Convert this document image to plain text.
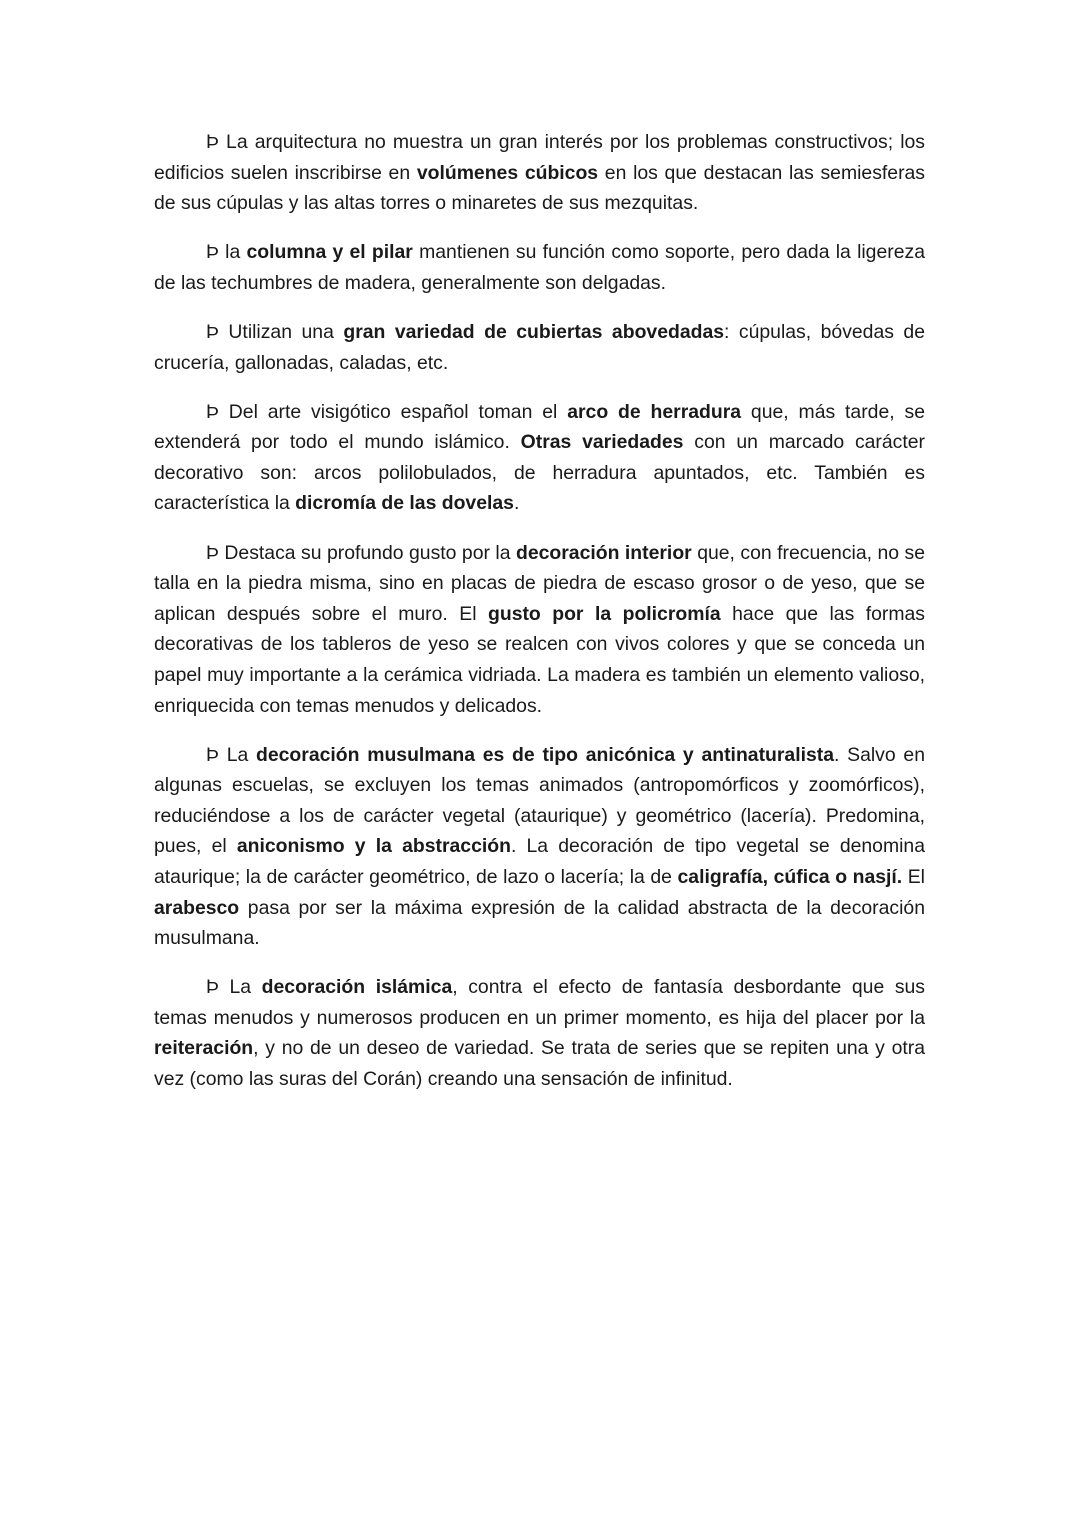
Þ La arquitectura no muestra un gran interés por los problemas constructivos; los edificios suelen inscribirse en volúmenes cúbicos en los que destacan las semiesferas de sus cúpulas y las altas torres o minaretes de sus mezquitas.

Þ la columna y el pilar mantienen su función como soporte, pero dada la ligereza de las techumbres de madera, generalmente son delgadas.

Þ Utilizan una gran variedad de cubiertas abovedadas: cúpulas, bóvedas de crucería, gallonadas, caladas, etc.

Þ Del arte visigótico español toman el arco de herradura que, más tarde, se extenderá por todo el mundo islámico. Otras variedades con un marcado carácter decorativo son: arcos polilobulados, de herradura apuntados, etc. También es característica la dicromía de las dovelas.

Þ Destaca su profundo gusto por la decoración interior que, con frecuencia, no se talla en la piedra misma, sino en placas de piedra de escaso grosor o de yeso, que se aplican después sobre el muro. El gusto por la policromía hace que las formas decorativas de los tableros de yeso se realcen con vivos colores y que se conceda un papel muy importante a la cerámica vidriada. La madera es también un elemento valioso, enriquecida con temas menudos y delicados.

Þ La decoración musulmana es de tipo anicónica y antinaturalista. Salvo en algunas escuelas, se excluyen los temas animados (antropomórficos y zoomórficos), reduciéndose a los de carácter vegetal (ataurique) y geométrico (lacería). Predomina, pues, el aniconismo y la abstracción. La decoración de tipo vegetal se denomina ataurique; la de carácter geométrico, de lazo o lacería; la de caligrafía, cúfica o nasjí. El arabesco pasa por ser la máxima expresión de la calidad abstracta de la decoración musulmana.

Þ La decoración islámica, contra el efecto de fantasía desbordante que sus temas menudos y numerosos producen en un primer momento, es hija del placer por la reiteración, y no de un deseo de variedad. Se trata de series que se repiten una y otra vez (como las suras del Corán) creando una sensación de infinitud.
